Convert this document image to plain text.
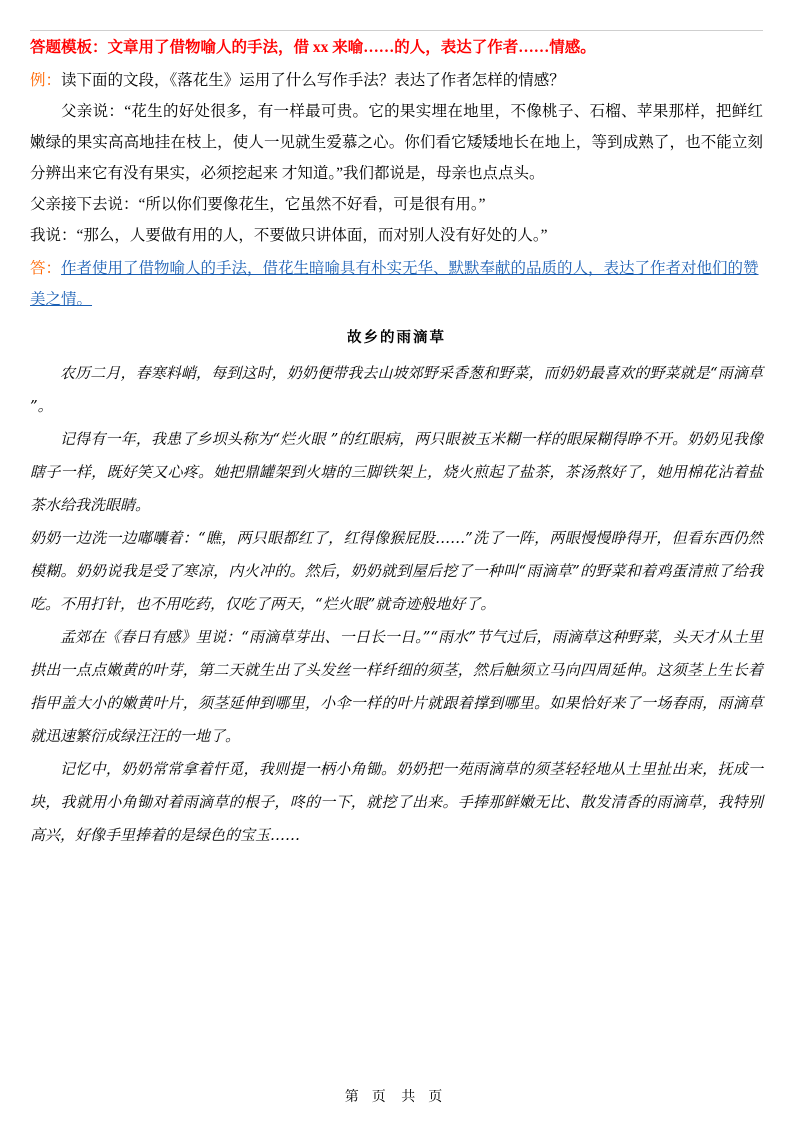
答题模板：文章用了借物喻人的手法，借 xx 来喻……的人，表达了作者……情感。
例：读下面的文段，《落花生》运用了什么写作手法？表达了作者怎样的情感？

父亲说：“花生的好处很多，有一样最可贵。它的果实埋在地里，不像桃子、石榴、苹果那样，把鲜红嫩绿的果实高高地挂在枝上，使人一见就生爱慕之心。你们看它矮矮地长在地上，等到成熟了，也不能立刻分辨出来它有没有果实，必须挖起来 才知道。”我们都说是，母亲也点点头。

父亲接下去说：“所以你们要像花生，它虽然不好看，可是很有用。”

我说：“那么，人要做有用的人，不要做只讲体面，而对别人没有好处的人。”

答：作者使用了借物喻人的手法，借花生暗喻具有朴实无华、默默奉献的品质的人，表达了作者对他们的赞美之情。
故乡的雨滴草

农历二月，春寒料峭，每到这时，奶奶便带我去山坡郊野采香葱和野菜，而奶奶最喜欢的野菜就是“雨滴草 ”。

记得有一年，我患了乡坝头称为“烂火眼 ”的红眼病，两只眼被玉米糊一样的眼屎糊得睁不开。奶奶见我像瞎子一样，既好笑又心疼。她把鼎罐架到火塘的三脚铁架上，烧火煎起了盐茶，茶汤熬好了，她用棉花沾着盐茶水给我洗眼睛。

奶奶一边洗一边嘟囔着：“瞧，两只眼都红了，红得像猴屁股……”洗了一阵，两眼慢慢睁得开，但看东西仍然模糊。奶奶说我是受了寒凉，内火冲的。然后，奶奶就到屋后挖了一种叫“雨滴草”的野菜和着鸡蛋清煎了给我吃。不用打针，也不用吃药，仅吃了两天，“烂火眼”就奇迹般地好了。

孟郊在《春日有感》里说：“雨滴草芽出、一日长一日。”“雨水”节气过后，雨滴草这种野菜，头天才从土里拱出一点点嫩黄的叶芽，第二天就生出了头发丝一样纤细的须茎，然后触须立马向四周延伸。这须茎上生长着指甲盖大小的嫩黄叶片，须茎延伸到哪里，小伞一样的叶片就跟着撑到哪里。如果恰好来了一场春雨，雨滴草就迅速繁衍成绿汪汪的一地了。

记忆中，奶奶常常拿着忓觅，我则提一柄小角锄。奶奶把一苑雨滴草的须茎轻轻地从土里扯出来，抚成一块，我就用小角锄对着雨滴草的根子，咚的一下，就挖了出来。手捧那鲜嫩无比、散发清香的雨滴草，我特别高兴，好像手里捧着的是绿色的宝玉……

第 页 共 页
